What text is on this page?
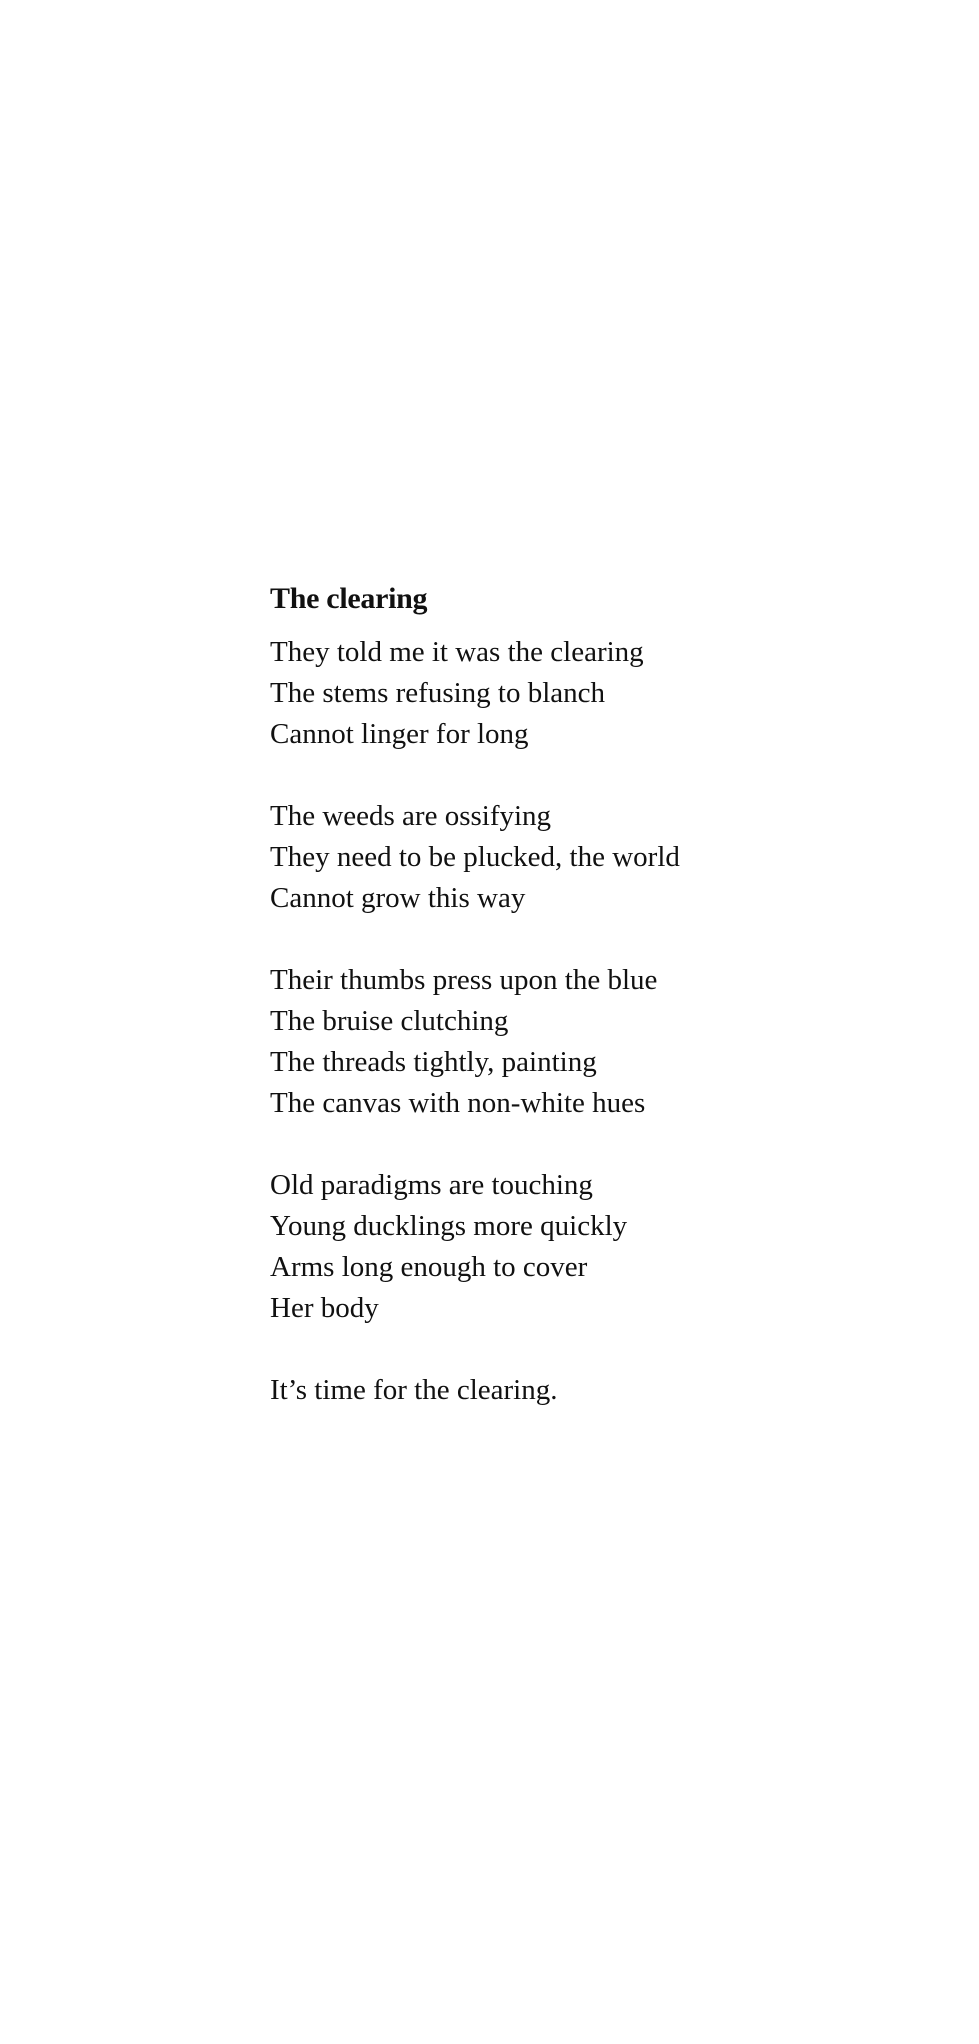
The clearing
They told me it was the clearing
The stems refusing to blanch
Cannot linger for long
The weeds are ossifying
They need to be plucked, the world
Cannot grow this way
Their thumbs press upon the blue
The bruise clutching
The threads tightly, painting
The canvas with non-white hues
Old paradigms are touching
Young ducklings more quickly
Arms long enough to cover
Her body
It’s time for the clearing.
